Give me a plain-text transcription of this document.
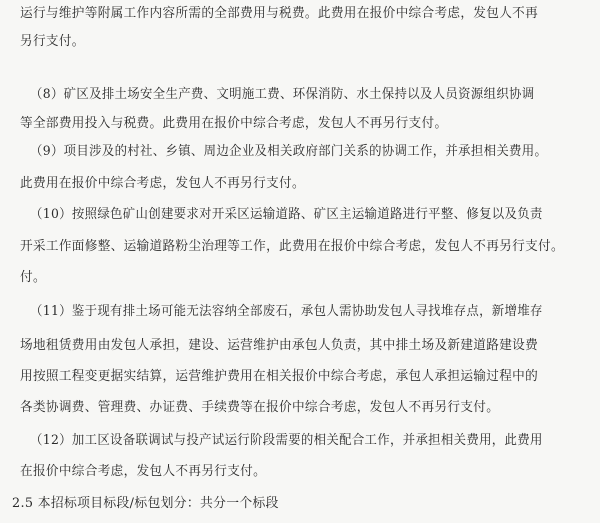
运行与维护等附属工作内容所需的全部费用与税费。此费用在报价中综合考虑，发包人不再
另行支付。
（8）矿区及排土场安全生产费、文明施工费、环保消防、水土保持以及人员资源组织协调
等全部费用投入与税费。此费用在报价中综合考虑，发包人不再另行支付。
（9）项目涉及的村社、乡镇、周边企业及相关政府部门关系的协调工作，并承担相关费用。
此费用在报价中综合考虑，发包人不再另行支付。
（10）按照绿色矿山创建要求对开采区运输道路、矿区主运输道路进行平整、修复以及负责
开采工作面修整、运输道路粉尘治理等工作，此费用在报价中综合考虑，发包人不再另行支付。
付。
（11）鉴于现有排土场可能无法容纳全部废石，承包人需协助发包人寻找堆存点，新增堆存
场地租赁费用由发包人承担，建设、运营维护由承包人负责，其中排土场及新建道路建设费
用按照工程变更据实结算，运营维护费用在相关报价中综合考虑，承包人承担运输过程中的
各类协调费、管理费、办证费、手续费等在报价中综合考虑，发包人不再另行支付。
（12）加工区设备联调试与投产试运行阶段需要的相关配合工作，并承担相关费用，此费用
在报价中综合考虑，发包人不再另行支付。
2.5 本招标项目标段/标包划分：共分一个标段
